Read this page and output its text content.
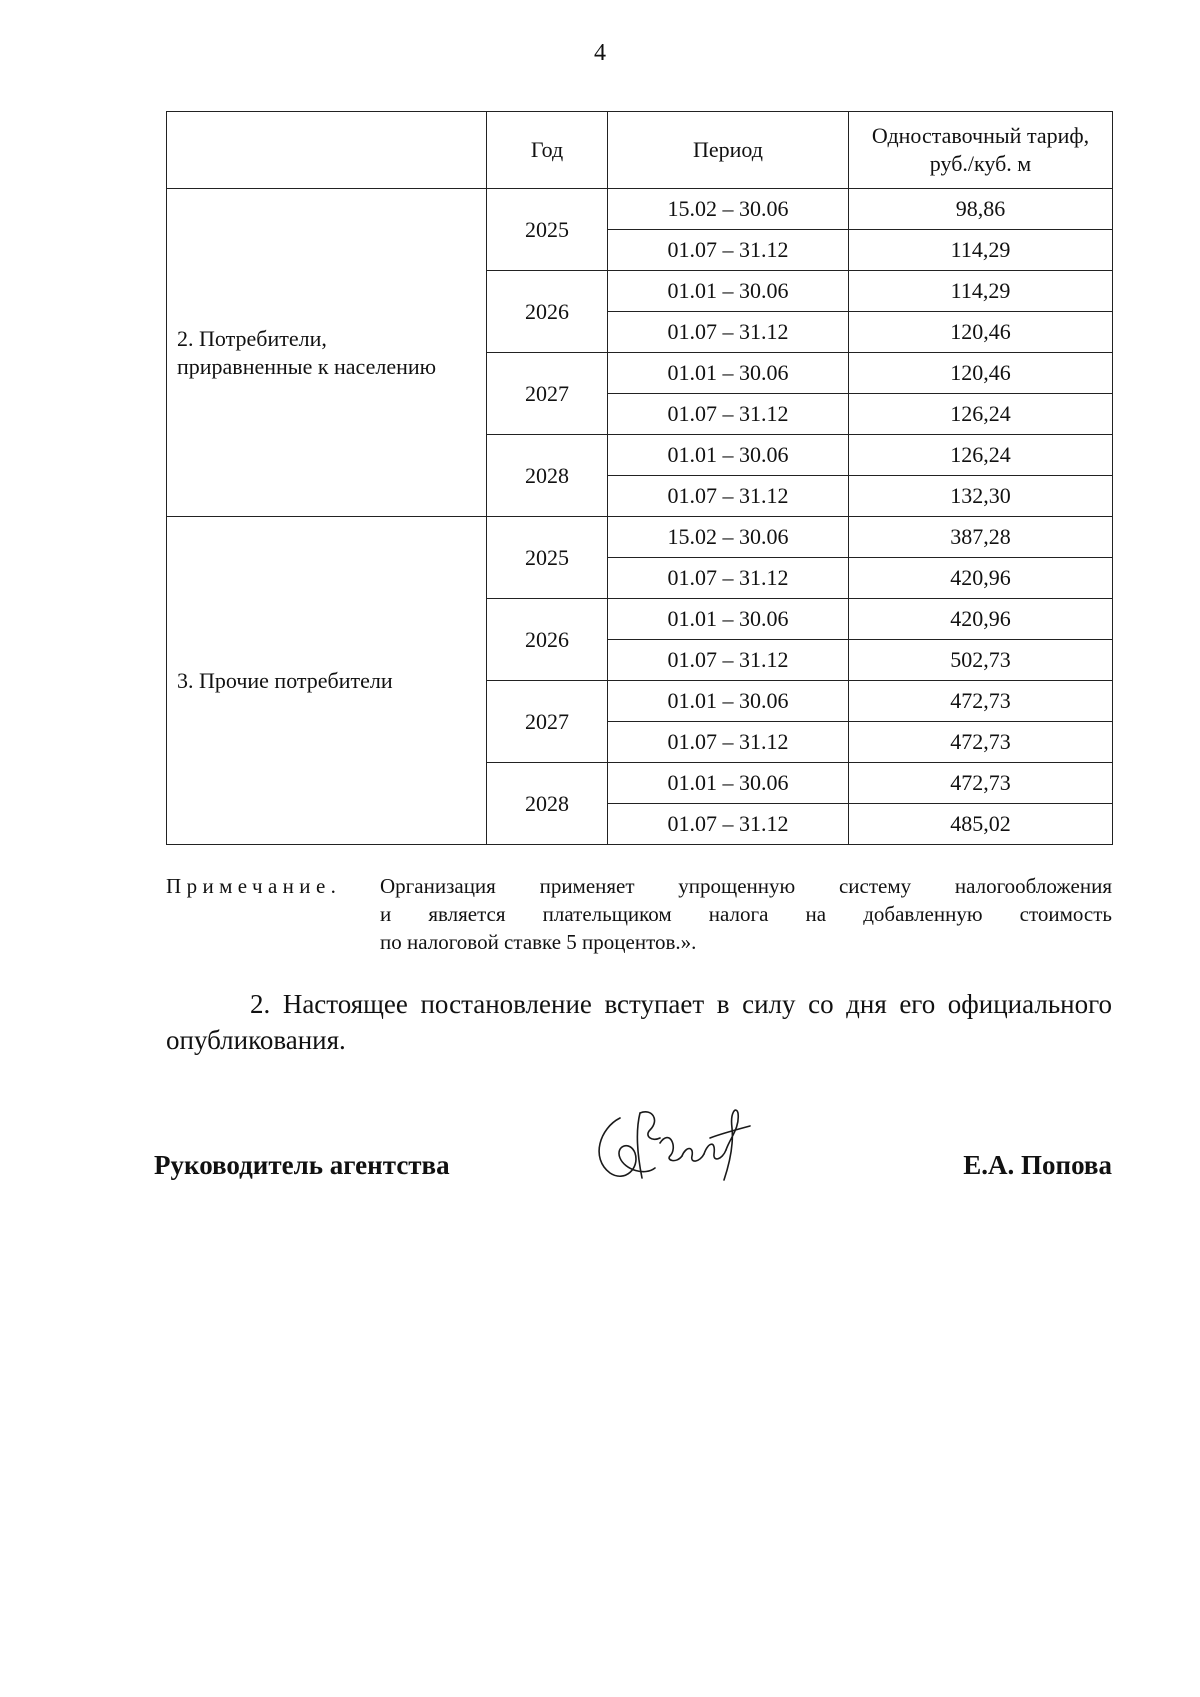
4
	Год	Период	Одноставочный тариф,
руб./куб. м

2. Потребители,
приравненные к населению	2025	15.02 – 30.06	98,86
		01.07 – 31.12	114,29
	2026	01.01 – 30.06	114,29
		01.07 – 31.12	120,46
	2027	01.01 – 30.06	120,46
		01.07 – 31.12	126,24
	2028	01.01 – 30.06	126,24
		01.07 – 31.12	132,30

3. Прочие потребители	2025	15.02 – 30.06	387,28
		01.07 – 31.12	420,96
	2026	01.01 – 30.06	420,96
		01.07 – 31.12	502,73
	2027	01.01 – 30.06	472,73
		01.07 – 31.12	472,73
	2028	01.01 – 30.06	472,73
		01.07 – 31.12	485,02
Примечание. Организация применяет упрощенную систему налогообложения
и является плательщиком налога на добавленную стоимость
по налоговой ставке 5 процентов.».
2. Настоящее постановление вступает в силу со дня его официального
опубликования.
Руководитель агентства	Е.А. Попова
